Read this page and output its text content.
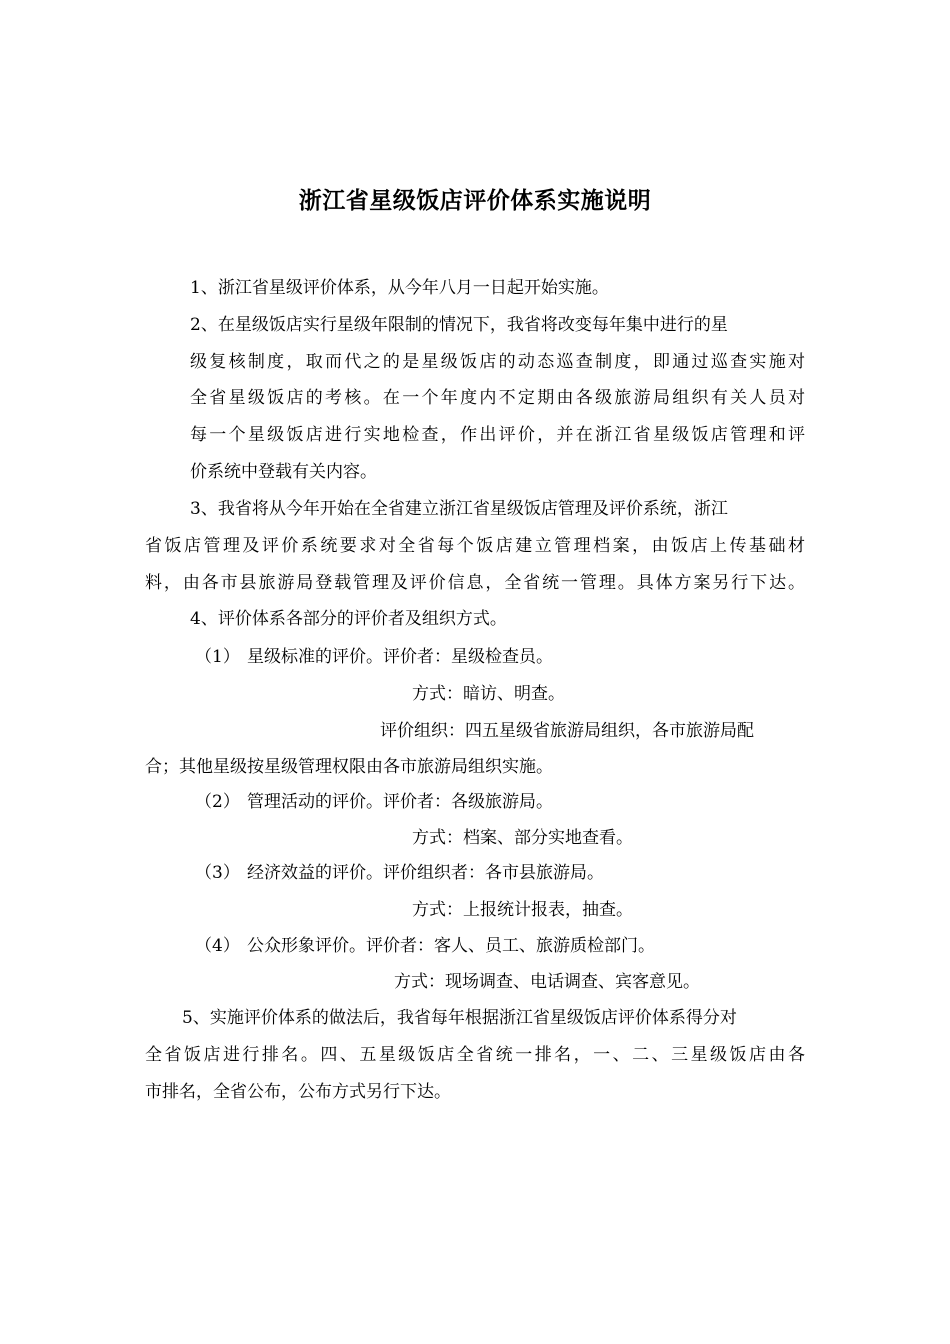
浙江省星级饭店评价体系实施说明
1、浙江省星级评价体系，从今年八月一日起开始实施。
2、在星级饭店实行星级年限制的情况下，我省将改变每年集中进行的星
级复核制度，取而代之的是星级饭店的动态巡查制度，即通过巡查实施对
全省星级饭店的考核。在一个年度内不定期由各级旅游局组织有关人员对
每一个星级饭店进行实地检查，作出评价，并在浙江省星级饭店管理和评
价系统中登载有关内容。
3、我省将从今年开始在全省建立浙江省星级饭店管理及评价系统，浙江
省饭店管理及评价系统要求对全省每个饭店建立管理档案，由饭店上传基础材
料，由各市县旅游局登载管理及评价信息，全省统一管理。具体方案另行下达。
4、评价体系各部分的评价者及组织方式。
（1） 星级标准的评价。评价者：星级检查员。
方式：暗访、明查。
评价组织：四五星级省旅游局组织，各市旅游局配
合；其他星级按星级管理权限由各市旅游局组织实施。
（2） 管理活动的评价。评价者：各级旅游局。
方式：档案、部分实地查看。
（3） 经济效益的评价。评价组织者：各市县旅游局。
方式：上报统计报表，抽查。
（4） 公众形象评价。评价者：客人、员工、旅游质检部门。
方式：现场调查、电话调查、宾客意见。
5、实施评价体系的做法后，我省每年根据浙江省星级饭店评价体系得分对
全省饭店进行排名。四、五星级饭店全省统一排名，一、二、三星级饭店由各
市排名，全省公布，公布方式另行下达。
